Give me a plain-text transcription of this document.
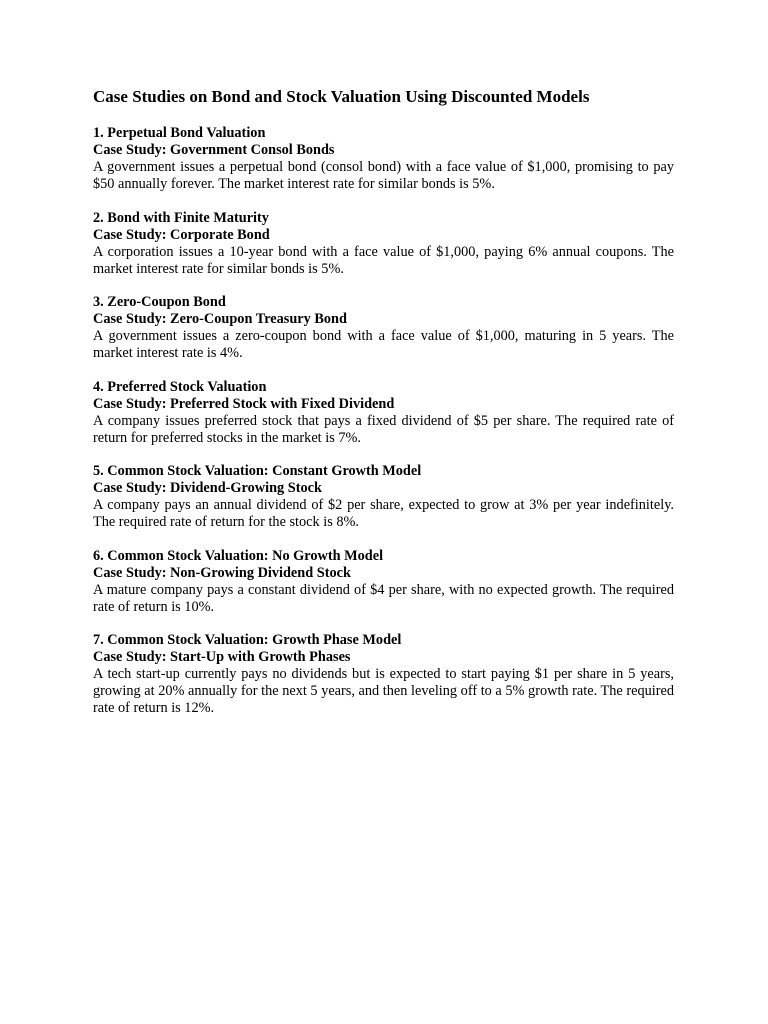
Case Studies on Bond and Stock Valuation Using Discounted Models

1. Perpetual Bond Valuation

Case Study: Government Consol Bonds

A government issues a perpetual bond (consol bond) with a face value of $1,000, promising to pay $50 annually forever. The market interest rate for similar bonds is 5%.

2. Bond with Finite Maturity

Case Study: Corporate Bond

A corporation issues a 10-year bond with a face value of $1,000, paying 6% annual coupons. The market interest rate for similar bonds is 5%.

3. Zero-Coupon Bond

Case Study: Zero-Coupon Treasury Bond

A government issues a zero-coupon bond with a face value of $1,000, maturing in 5 years. The market interest rate is 4%.

4. Preferred Stock Valuation

Case Study: Preferred Stock with Fixed Dividend

A company issues preferred stock that pays a fixed dividend of $5 per share. The required rate of return for preferred stocks in the market is 7%.

5. Common Stock Valuation: Constant Growth Model

Case Study: Dividend-Growing Stock

A company pays an annual dividend of $2 per share, expected to grow at 3% per year indefinitely. The required rate of return for the stock is 8%.

6. Common Stock Valuation: No Growth Model

Case Study: Non-Growing Dividend Stock

A mature company pays a constant dividend of $4 per share, with no expected growth. The required rate of return is 10%.

7. Common Stock Valuation: Growth Phase Model

Case Study: Start-Up with Growth Phases

A tech start-up currently pays no dividends but is expected to start paying $1 per share in 5 years, growing at 20% annually for the next 5 years, and then leveling off to a 5% growth rate. The required rate of return is 12%.
